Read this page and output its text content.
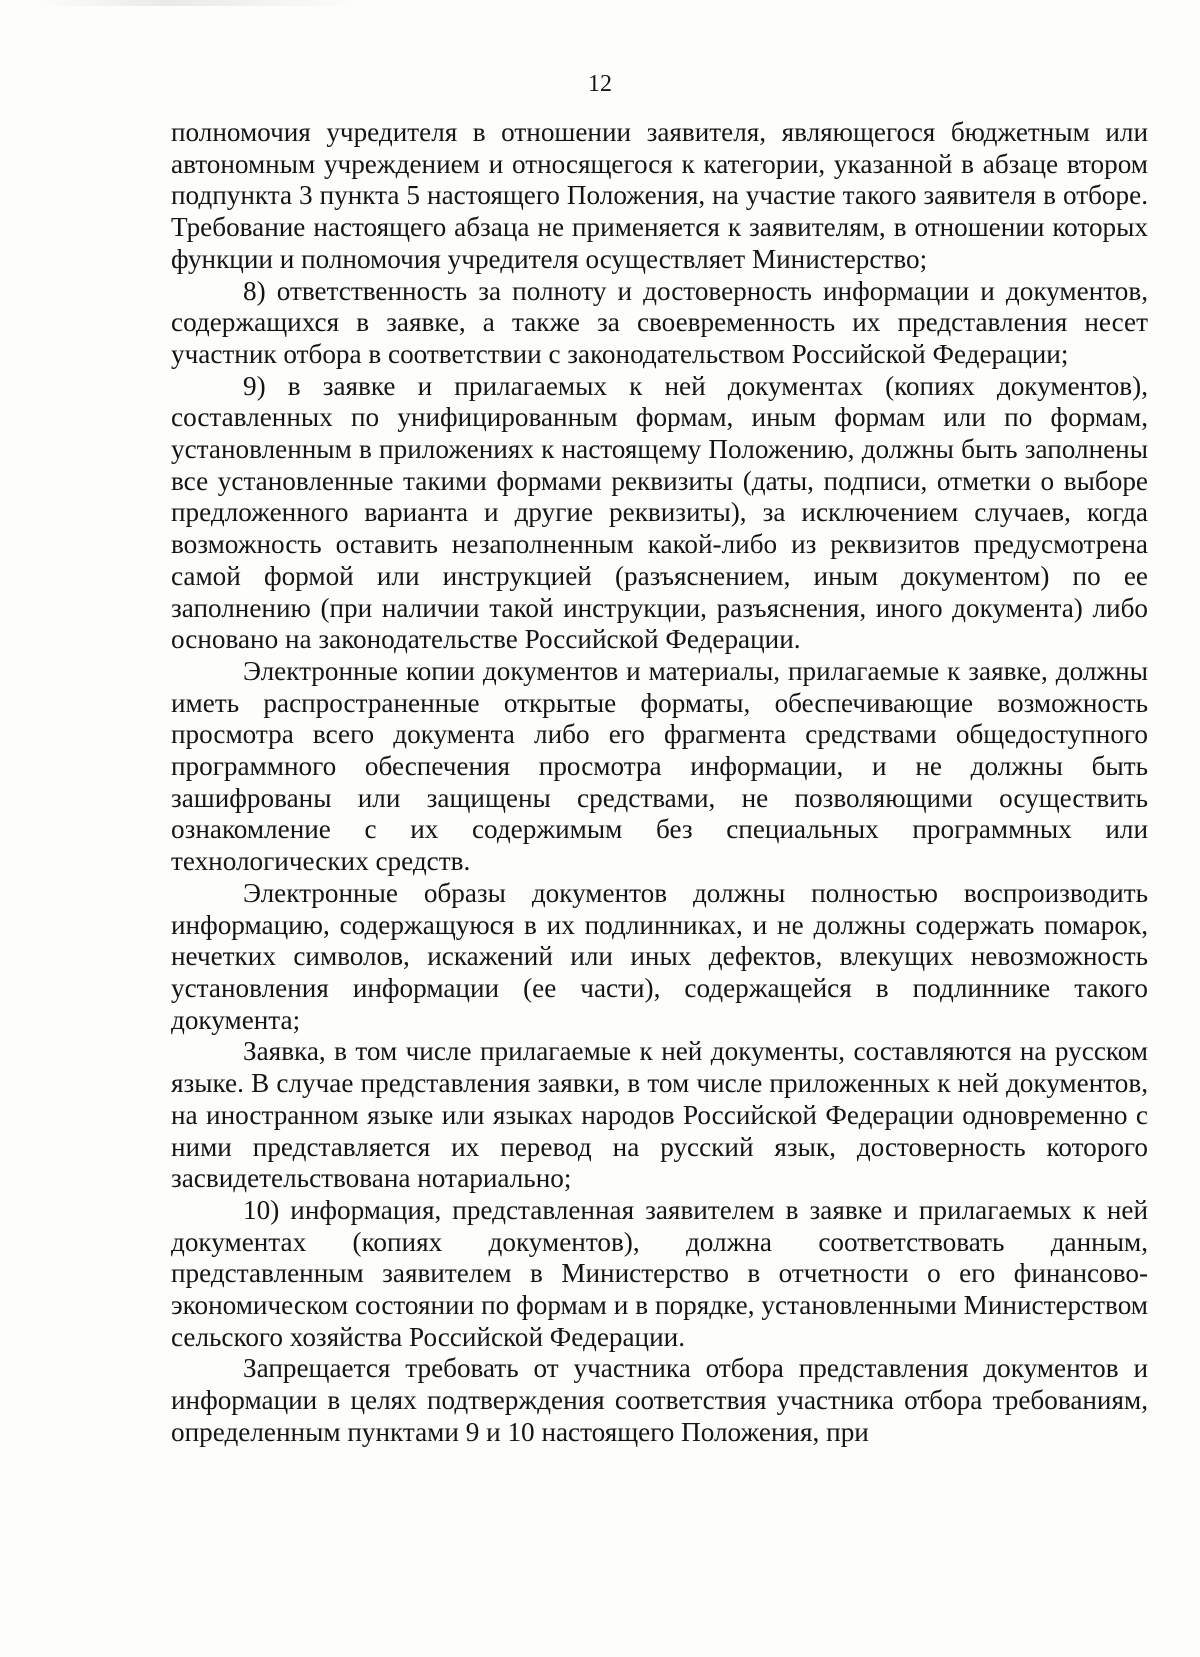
12

полномочия учредителя в отношении заявителя, являющегося бюджетным или автономным учреждением и относящегося к категории, указанной в абзаце втором подпункта 3 пункта 5 настоящего Положения, на участие такого заявителя в отборе. Требование настоящего абзаца не применяется к заявителям, в отношении которых функции и полномочия учредителя осуществляет Министерство;

8) ответственность за полноту и достоверность информации и документов, содержащихся в заявке, а также за своевременность их представления несет участник отбора в соответствии с законодательством Российской Федерации;

9) в заявке и прилагаемых к ней документах (копиях документов), составленных по унифицированным формам, иным формам или по формам, установленным в приложениях к настоящему Положению, должны быть заполнены все установленные такими формами реквизиты (даты, подписи, отметки о выборе предложенного варианта и другие реквизиты), за исключением случаев, когда возможность оставить незаполненным какой-либо из реквизитов предусмотрена самой формой или инструкцией (разъяснением, иным документом) по ее заполнению (при наличии такой инструкции, разъяснения, иного документа) либо основано на законодательстве Российской Федерации.

Электронные копии документов и материалы, прилагаемые к заявке, должны иметь распространенные открытые форматы, обеспечивающие возможность просмотра всего документа либо его фрагмента средствами общедоступного программного обеспечения просмотра информации, и не должны быть зашифрованы или защищены средствами, не позволяющими осуществить ознакомление с их содержимым без специальных программных или технологических средств.

Электронные образы документов должны полностью воспроизводить информацию, содержащуюся в их подлинниках, и не должны содержать помарок, нечетких символов, искажений или иных дефектов, влекущих невозможность установления информации (ее части), содержащейся в подлиннике такого документа;

Заявка, в том числе прилагаемые к ней документы, составляются на русском языке. В случае представления заявки, в том числе приложенных к ней документов, на иностранном языке или языках народов Российской Федерации одновременно с ними представляется их перевод на русский язык, достоверность которого засвидетельствована нотариально;

10) информация, представленная заявителем в заявке и прилагаемых к ней документах (копиях документов), должна соответствовать данным, представленным заявителем в Министерство в отчетности о его финансово-экономическом состоянии по формам и в порядке, установленными Министерством сельского хозяйства Российской Федерации.

Запрещается требовать от участника отбора представления документов и информации в целях подтверждения соответствия участника отбора требованиям, определенным пунктами 9 и 10 настоящего Положения, при
